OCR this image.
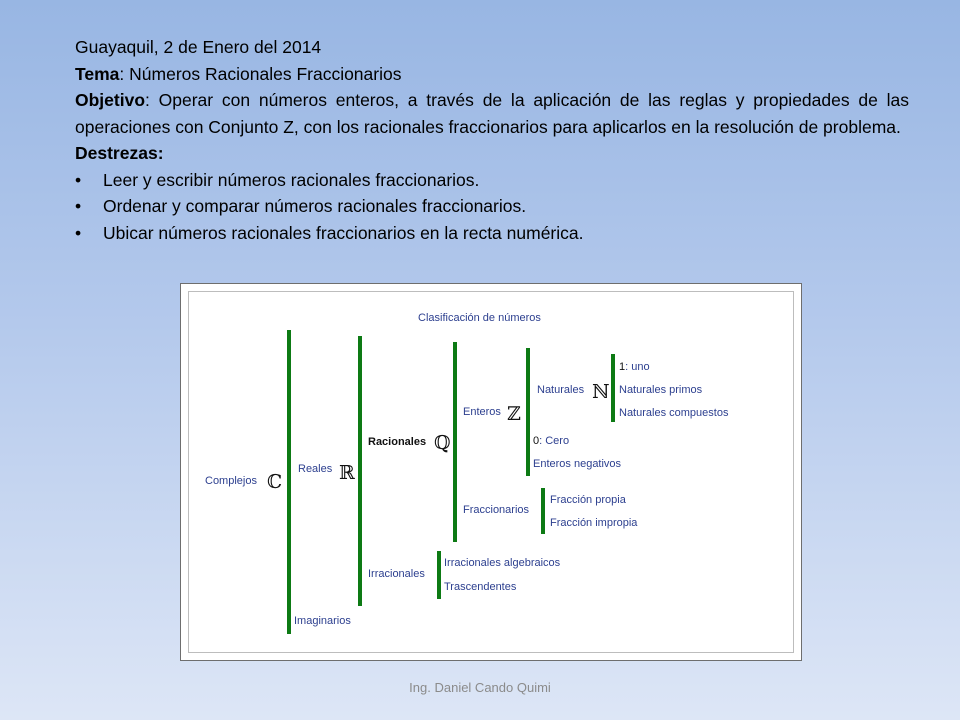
Guayaquil, 2 de Enero del 2014

Tema: Números Racionales Fraccionarios

Objetivo: Operar con números enteros, a través de la aplicación de las reglas y propiedades de las operaciones con Conjunto Z, con los racionales fraccionarios para aplicarlos en la resolución de problema.

Destrezas:

• Leer y escribir números racionales fraccionarios.
• Ordenar y comparar números racionales fraccionarios.
• Ubicar números racionales fraccionarios en la recta numérica.
Clasificación de números
Complejos ℂ
Reales ℝ
Imaginarios
Racionales ℚ
Irracionales
Enteros ℤ
Fraccionarios
Naturales ℕ
0: Cero
Enteros negativos
1: uno
Naturales primos
Naturales compuestos
Fracción propia
Fracción impropia
Irracionales algebraicos
Trascendentes
Ing. Daniel Cando Quimi
